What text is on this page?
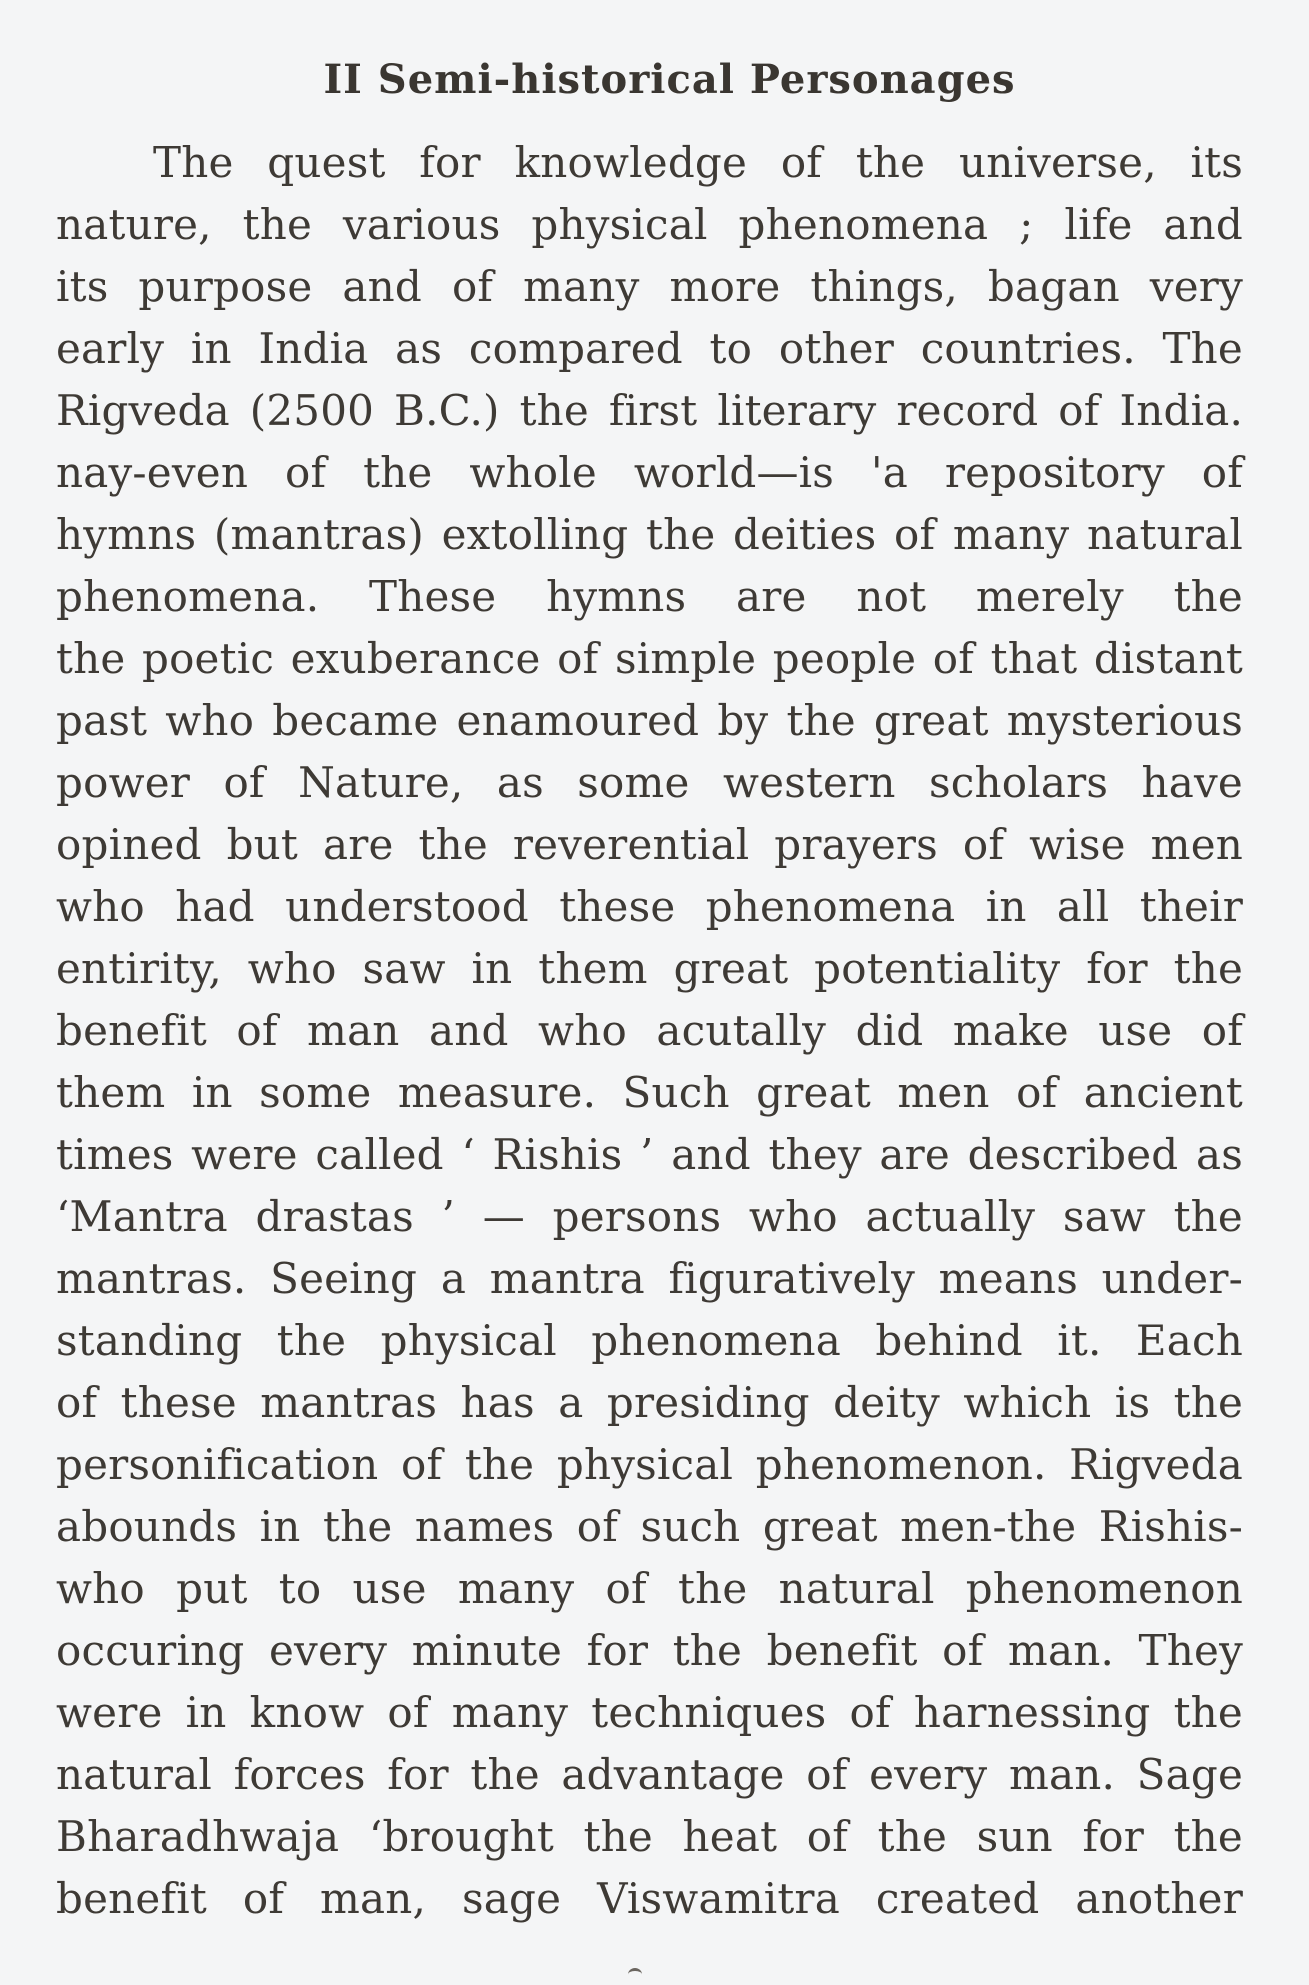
II Semi-historical Personages
The quest for knowledge of the universe, its
nature, the various physical phenomena ; life and
its purpose and of many more things, bagan very
early in India as compared to other countries. The
Rigveda (2500 B.C.) the first literary record of India.
nay-even of the whole world—is 'a repository of
hymns (mantras) extolling the deities of many natural
phenomena. These hymns are not merely the
the poetic exuberance of simple people of that distant
past who became enamoured by the great mysterious
power of Nature, as some western scholars have
opined but are the reverential prayers of wise men
who had understood these phenomena in all their
entirity, who saw in them great potentiality for the
benefit of man and who acutally did make use of
them in some measure. Such great men of ancient
times were called ‘ Rishis ’ and they are described as
‘Mantra drastas ’ — persons who actually saw the
mantras. Seeing a mantra figuratively means under-
standing the physical phenomena behind it. Each
of these mantras has a presiding deity which is the
personification of the physical phenomenon. Rigveda
abounds in the names of such great men-the Rishis-
who put to use many of the natural phenomenon
occuring every minute for the benefit of man. They
were in know of many techniques of harnessing the
natural forces for the advantage of every man. Sage
Bharadhwaja ‘brought the heat of the sun for the
benefit of man, sage Viswamitra created another
